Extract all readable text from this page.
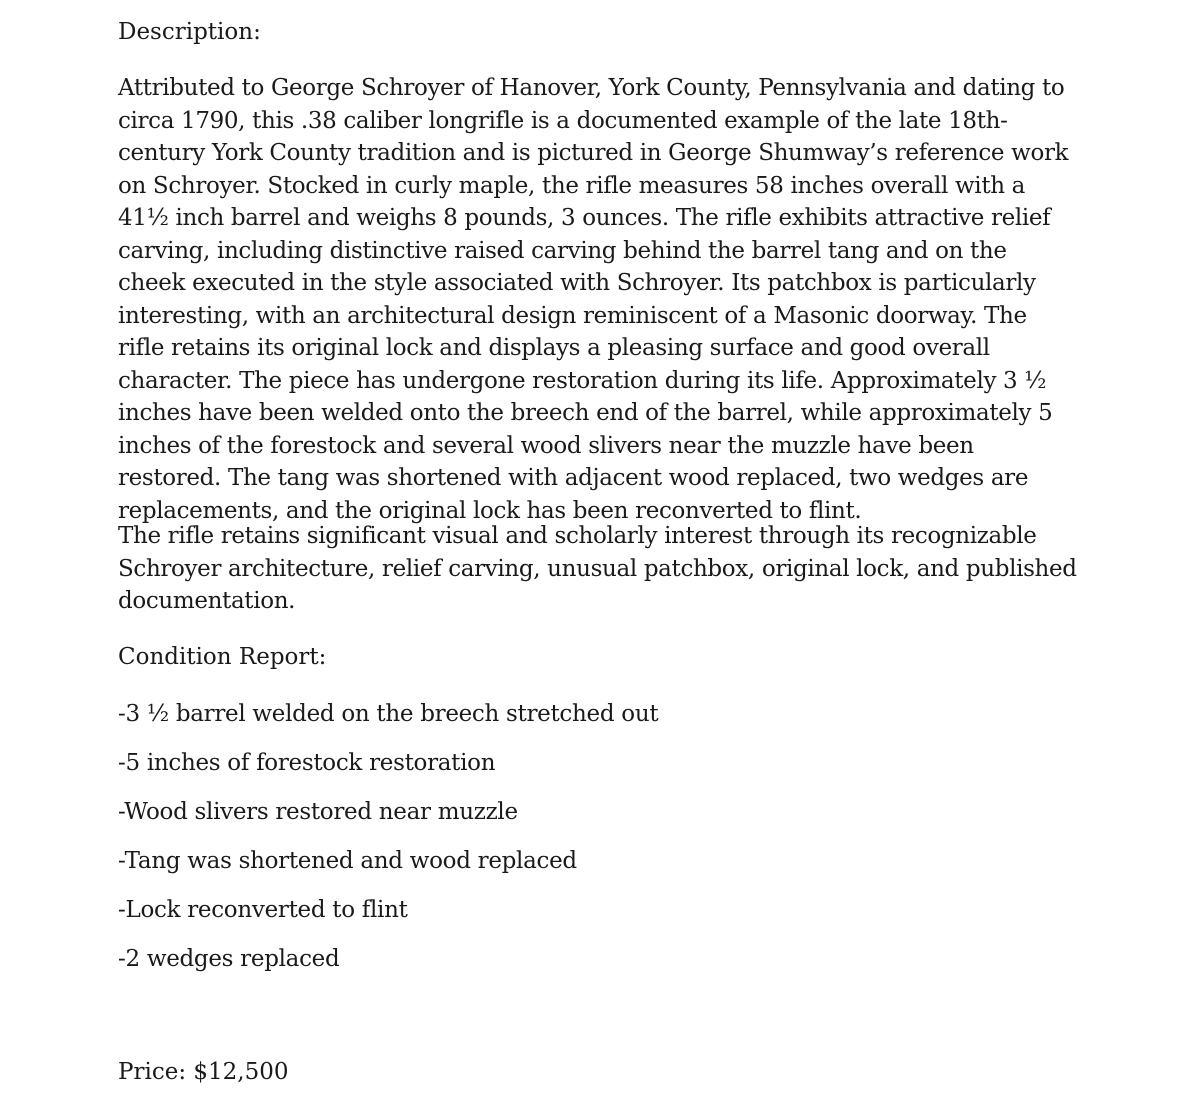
Description:

Attributed to George Schroyer of Hanover, York County, Pennsylvania and dating to circa 1790, this .38 caliber longrifle is a documented example of the late 18th-century York County tradition and is pictured in George Shumway’s reference work on Schroyer. Stocked in curly maple, the rifle measures 58 inches overall with a 41½ inch barrel and weighs 8 pounds, 3 ounces. The rifle exhibits attractive relief carving, including distinctive raised carving behind the barrel tang and on the cheek executed in the style associated with Schroyer. Its patchbox is particularly interesting, with an architectural design reminiscent of a Masonic doorway. The rifle retains its original lock and displays a pleasing surface and good overall character. The piece has undergone restoration during its life. Approximately 3 ½ inches have been welded onto the breech end of the barrel, while approximately 5 inches of the forestock and several wood slivers near the muzzle have been restored. The tang was shortened with adjacent wood replaced, two wedges are replacements, and the original lock has been reconverted to flint.

The rifle retains significant visual and scholarly interest through its recognizable Schroyer architecture, relief carving, unusual patchbox, original lock, and published documentation.

Condition Report:

-3 ½ barrel welded on the breech stretched out

-5 inches of forestock restoration

-Wood slivers restored near muzzle

-Tang was shortened and wood replaced

-Lock reconverted to flint

-2 wedges replaced

Price: $12,500
